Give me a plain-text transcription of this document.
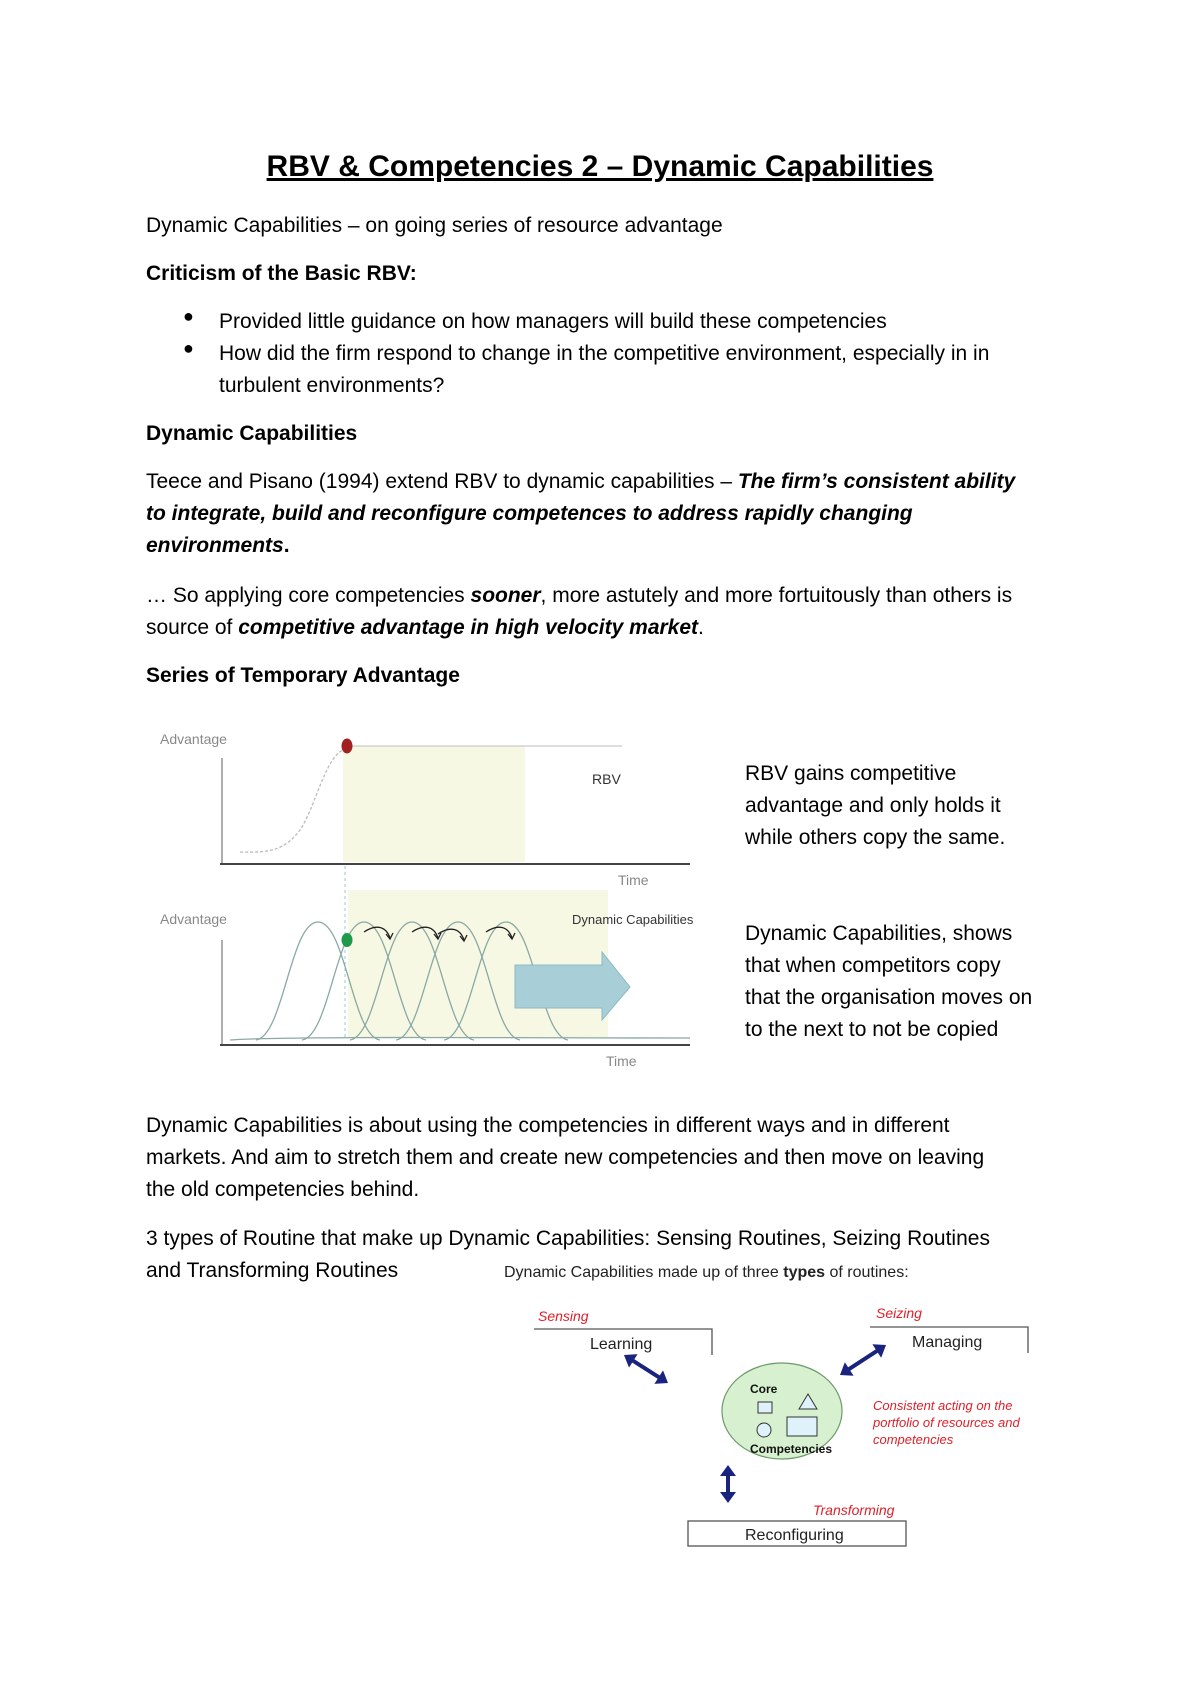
RBV & Competencies 2 – Dynamic Capabilities
Dynamic Capabilities – on going series of resource advantage
Criticism of the Basic RBV:
● Provided little guidance on how managers will build these competencies
● How did the firm respond to change in the competitive environment, especially in in
turbulent environments?
Dynamic Capabilities
Teece and Pisano (1994) extend RBV to dynamic capabilities – The firm’s consistent ability
to integrate, build and reconfigure competences to address rapidly changing
environments.
… So applying core competencies sooner, more astutely and more fortuitously than others is
source of competitive advantage in high velocity market.
Series of Temporary Advantage
Advantage
RBV
Time
Advantage	Dynamic Capabilities
Time
RBV gains competitive
advantage and only holds it
while others copy the same.
Dynamic Capabilities, shows
that when competitors copy
that the organisation moves on
to the next to not be copied
Dynamic Capabilities is about using the competencies in different ways and in different
markets. And aim to stretch them and create new competencies and then move on leaving
the old competencies behind.
3 types of Routine that make up Dynamic Capabilities: Sensing Routines, Seizing Routines
and Transforming Routines	Dynamic Capabilities made up of three types of routines:
Sensing
Learning
Seizing
Managing
Core
Competencies
Consistent acting on the
portfolio of resources and
competencies
Transforming
Reconfiguring
